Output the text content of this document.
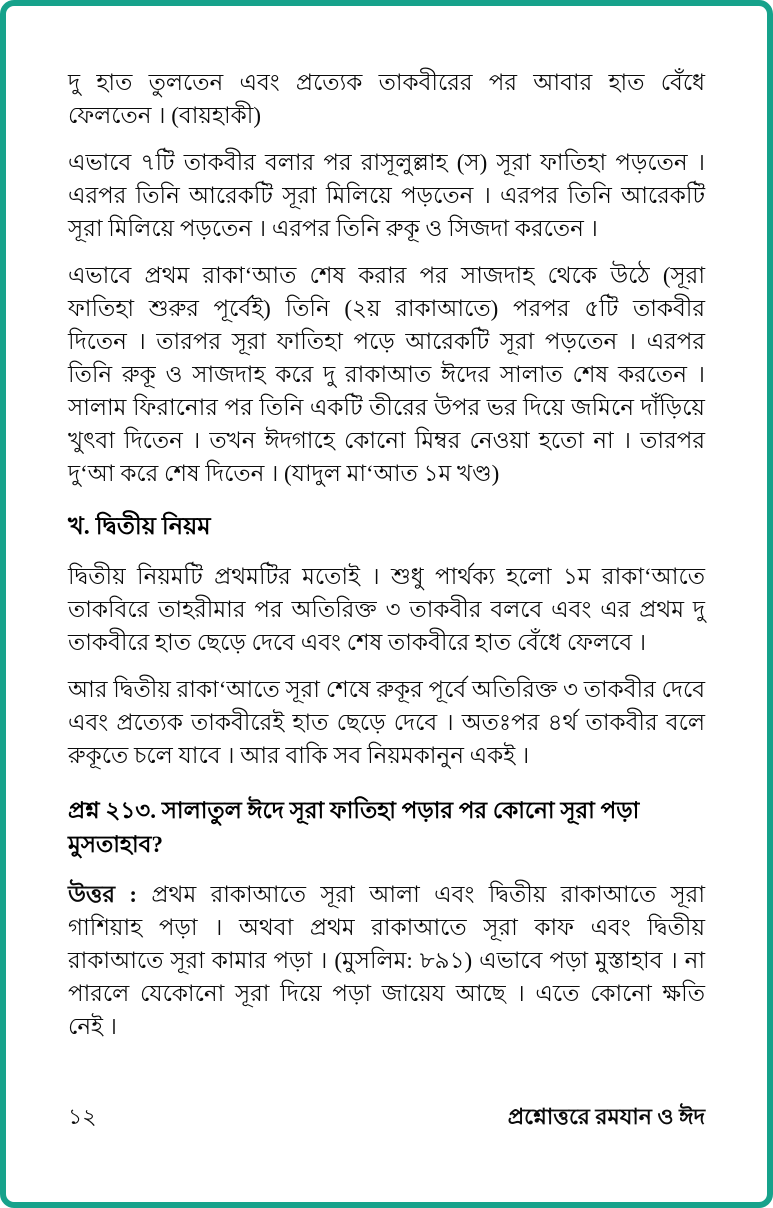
দু হাত তুলতেন এবং প্রত্যেক তাকবীরের পর আবার হাত বেঁধে ফেলতেন । (বায়হাকী)

এভাবে ৭টি তাকবীর বলার পর রাসূলুল্লাহ (স) সূরা ফাতিহা পড়তেন । এরপর তিনি আরেকটি সূরা মিলিয়ে পড়তেন । এরপর তিনি আরেকটি সূরা মিলিয়ে পড়তেন । এরপর তিনি রুকূ ও সিজদা করতেন ।

এভাবে প্রথম রাকা‘আত শেষ করার পর সাজদাহ থেকে উঠে (সূরা ফাতিহা শুরুর পূর্বেই) তিনি (২য় রাকাআতে) পরপর ৫টি তাকবীর দিতেন । তারপর সূরা ফাতিহা পড়ে আরেকটি সূরা পড়তেন । এরপর তিনি রুকূ ও সাজদাহ করে দু রাকাআত ঈদের সালাত শেষ করতেন । সালাম ফিরানোর পর তিনি একটি তীরের উপর ভর দিয়ে জমিনে দাঁড়িয়ে খুৎবা দিতেন । তখন ঈদগাহে কোনো মিম্বর নেওয়া হতো না । তারপর দু‘আ করে শেষ দিতেন । (যাদুল মা‘আত ১ম খণ্ড)

খ. দ্বিতীয় নিয়ম

দ্বিতীয় নিয়মটি প্রথমটির মতোই । শুধু পার্থক্য হলো ১ম রাকা‘আতে তাকবিরে তাহরীমার পর অতিরিক্ত ৩ তাকবীর বলবে এবং এর প্রথম দু তাকবীরে হাত ছেড়ে দেবে এবং শেষ তাকবীরে হাত বেঁধে ফেলবে ।

আর দ্বিতীয় রাকা‘আতে সূরা শেষে রুকূর পূর্বে অতিরিক্ত ৩ তাকবীর দেবে এবং প্রত্যেক তাকবীরেই হাত ছেড়ে দেবে । অতঃপর ৪র্থ তাকবীর বলে রুকূতে চলে যাবে । আর বাকি সব নিয়মকানুন একই ।

প্রশ্ন ২১৩. সালাতুল ঈদে সূরা ফাতিহা পড়ার পর কোনো সূরা পড়া মুসতাহাব?

উত্তর : প্রথম রাকাআতে সূরা আলা এবং দ্বিতীয় রাকাআতে সূরা গাশিয়াহ পড়া । অথবা প্রথম রাকাআতে সূরা কাফ এবং দ্বিতীয় রাকাআতে সূরা কামার পড়া । (মুসলিম: ৮৯১) এভাবে পড়া মুস্তাহাব । না পারলে যেকোনো সূরা দিয়ে পড়া জায়েয আছে । এতে কোনো ক্ষতি নেই ।

১২	প্রশ্নোত্তরে রমযান ও ঈদ
